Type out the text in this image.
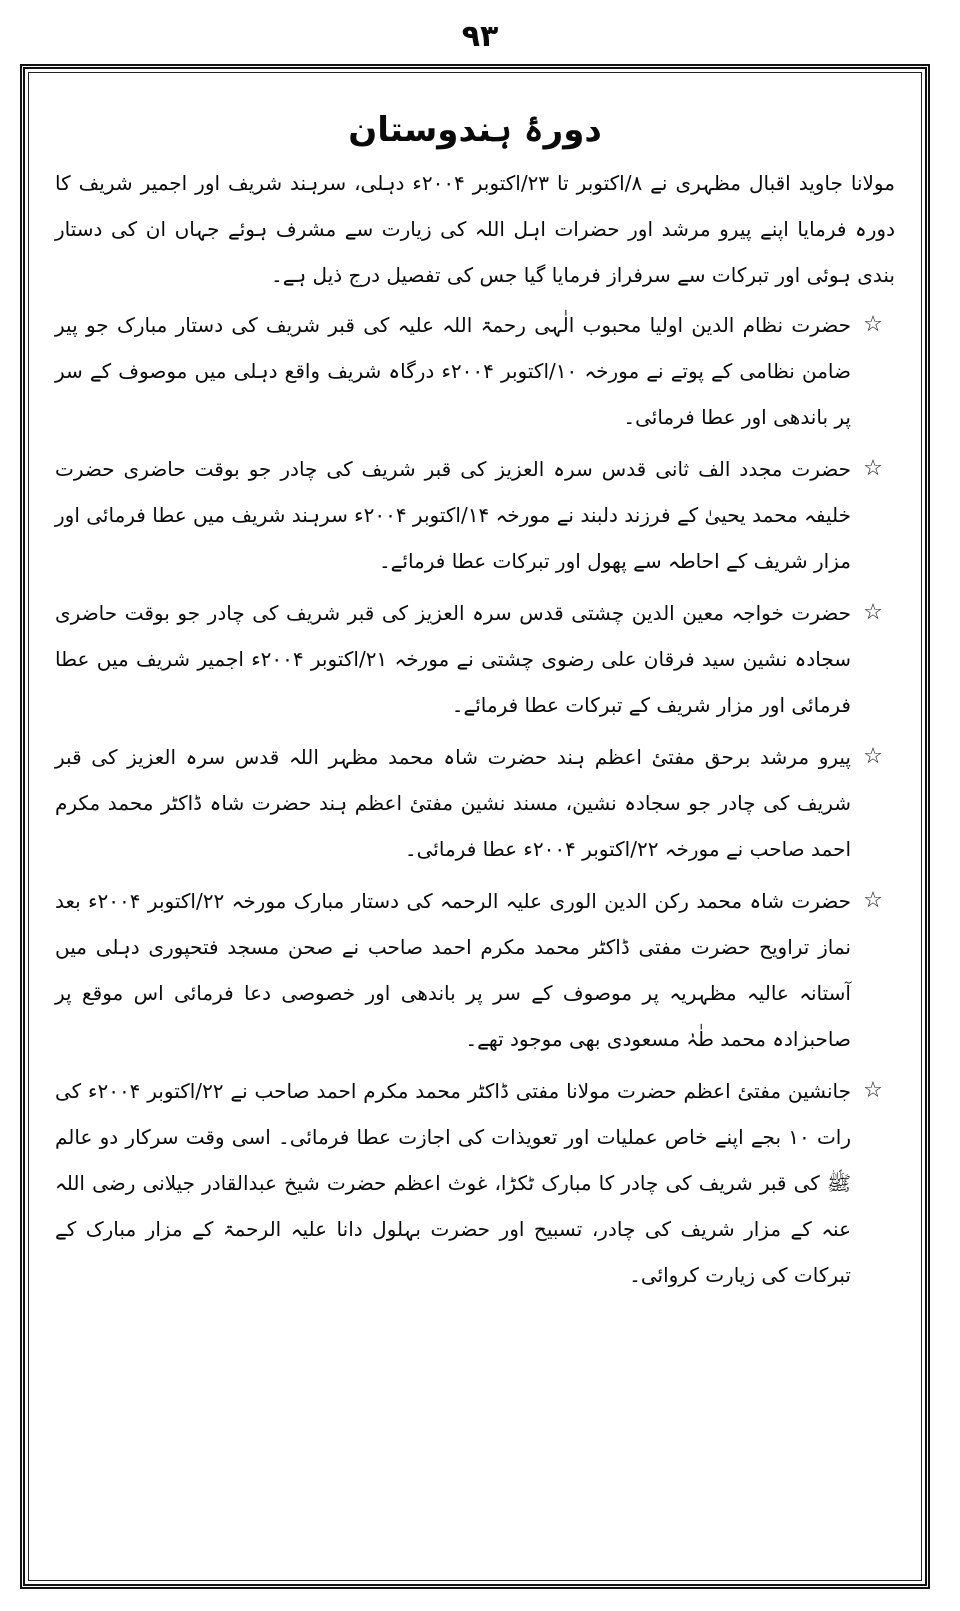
۹۳
دورۂ ہندوستان

مولانا جاوید اقبال مظہری نے ۸/اکتوبر تا ۲۳/اکتوبر ۲۰۰۴ء دہلی، سرہند شریف اور اجمیر شریف کا دورہ فرمایا اپنے پیرو مرشد اور حضرات اہل اللہ کی زیارت سے مشرف ہوئے جہاں ان کی دستار بندی ہوئی اور تبرکات سے سرفراز فرمایا گیا جس کی تفصیل درج ذیل ہے۔

☆

حضرت نظام الدین اولیا محبوب الٰہی رحمۃ اللہ علیہ کی قبر شریف کی دستار مبارک جو پیر ضامن نظامی کے پوتے نے مورخہ ۱۰/اکتوبر ۲۰۰۴ء درگاہ شریف واقع دہلی میں موصوف کے سر پر باندھی اور عطا فرمائی۔

☆

حضرت مجدد الف ثانی قدس سرہ العزیز کی قبر شریف کی چادر جو بوقت حاضری حضرت خلیفہ محمد یحییٰ کے فرزند دلبند نے مورخہ ۱۴/اکتوبر ۲۰۰۴ء سرہند شریف میں عطا فرمائی اور مزار شریف کے احاطہ سے پھول اور تبرکات عطا فرمائے۔

☆

حضرت خواجہ معین الدین چشتی قدس سرہ العزیز کی قبر شریف کی چادر جو بوقت حاضری سجادہ نشین سید فرقان علی رضوی چشتی نے مورخہ ۲۱/اکتوبر ۲۰۰۴ء اجمیر شریف میں عطا فرمائی اور مزار شریف کے تبرکات عطا فرمائے۔

☆

پیرو مرشد برحق مفتیٔ اعظم ہند حضرت شاہ محمد مظہر اللہ قدس سرہ العزیز کی قبر شریف کی چادر جو سجادہ نشین، مسند نشین مفتیٔ اعظم ہند حضرت شاہ ڈاکٹر محمد مکرم احمد صاحب نے مورخہ ۲۲/اکتوبر ۲۰۰۴ء عطا فرمائی۔

☆

حضرت شاہ محمد رکن الدین الوری علیہ الرحمہ کی دستار مبارک مورخہ ۲۲/اکتوبر ۲۰۰۴ء بعد نماز تراویح حضرت مفتی ڈاکٹر محمد مکرم احمد صاحب نے صحن مسجد فتحپوری دہلی میں آستانہ عالیہ مظہریہ پر موصوف کے سر پر باندھی اور خصوصی دعا فرمائی اس موقع پر صاحبزادہ محمد طٰہٰ مسعودی بھی موجود تھے۔

☆

جانشین مفتیٔ اعظم حضرت مولانا مفتی ڈاکٹر محمد مکرم احمد صاحب نے ۲۲/اکتوبر ۲۰۰۴ء کی رات ۱۰ بجے اپنے خاص عملیات اور تعویذات کی اجازت عطا فرمائی۔ اسی وقت سرکار دو عالم ﷺ کی قبر شریف کی چادر کا مبارک ٹکڑا، غوث اعظم حضرت شیخ عبدالقادر جیلانی رضی اللہ عنہ کے مزار شریف کی چادر، تسبیح اور حضرت بہلول دانا علیہ الرحمۃ کے مزار مبارک کے تبرکات کی زیارت کروائی۔
